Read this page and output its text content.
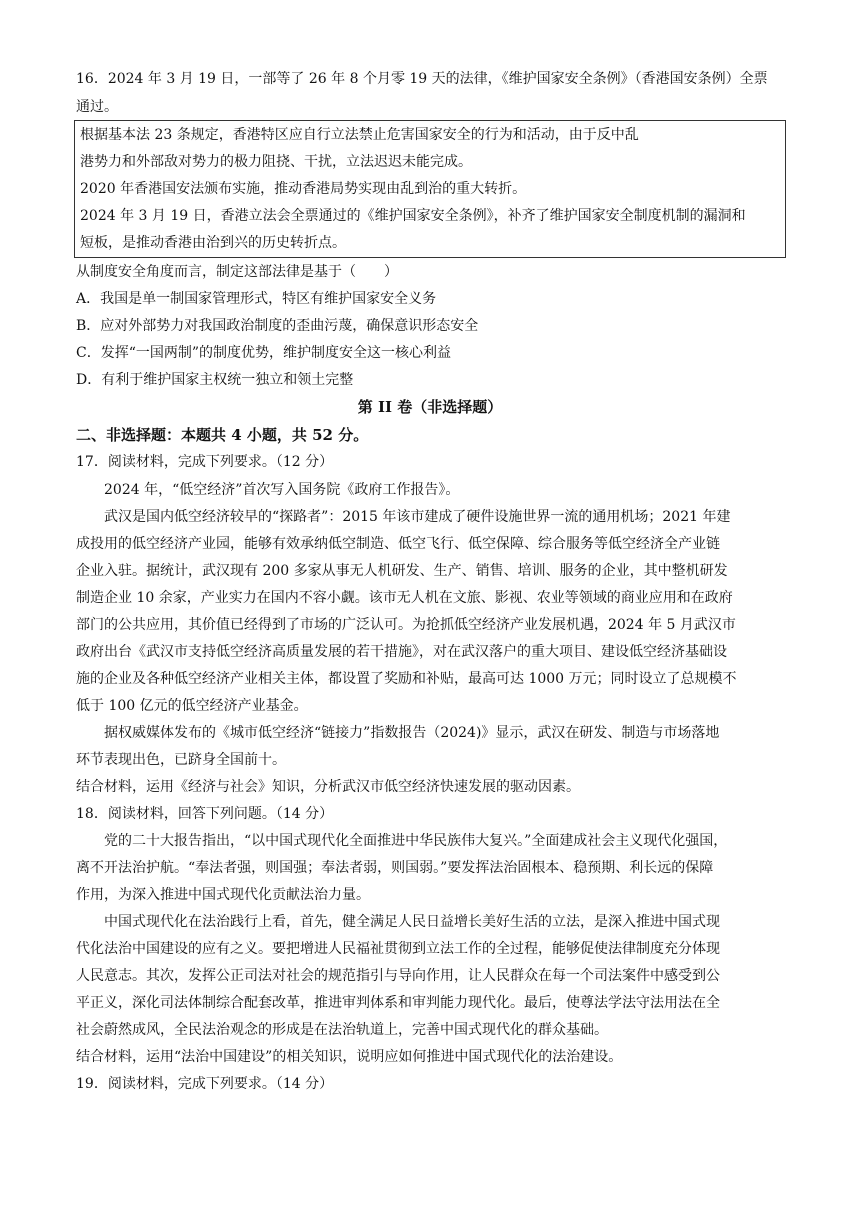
16．2024 年 3 月 19 日，一部等了 26 年 8 个月零 19 天的法律，《维护国家安全条例》（香港国安条例）全票
通过。
根据基本法 23 条规定，香港特区应自行立法禁止危害国家安全的行为和活动，由于反中乱
港势力和外部敌对势力的极力阻挠、干扰，立法迟迟未能完成。
2020 年香港国安法颁布实施，推动香港局势实现由乱到治的重大转折。
2024 年 3 月 19 日，香港立法会全票通过的《维护国家安全条例》，补齐了维护国家安全制度机制的漏洞和
短板，是推动香港由治到兴的历史转折点。
从制度安全角度而言，制定这部法律是基于（　　）
A．我国是单一制国家管理形式，特区有维护国家安全义务
B．应对外部势力对我国政治制度的歪曲污蔑，确保意识形态安全
C．发挥“一国两制”的制度优势，维护制度安全这一核心利益
D．有利于维护国家主权统一独立和领土完整
第 II 卷（非选择题）
二、非选择题：本题共 4 小题，共 52 分。
17．阅读材料，完成下列要求。（12 分）
2024 年，“低空经济”首次写入国务院《政府工作报告》。
武汉是国内低空经济较早的“探路者”：2015 年该市建成了硬件设施世界一流的通用机场；2021 年建
成投用的低空经济产业园，能够有效承纳低空制造、低空飞行、低空保障、综合服务等低空经济全产业链
企业入驻。据统计，武汉现有 200 多家从事无人机研发、生产、销售、培训、服务的企业，其中整机研发
制造企业 10 余家，产业实力在国内不容小觑。该市无人机在文旅、影视、农业等领域的商业应用和在政府
部门的公共应用，其价值已经得到了市场的广泛认可。为抢抓低空经济产业发展机遇，2024 年 5 月武汉市
政府出台《武汉市支持低空经济高质量发展的若干措施》，对在武汉落户的重大项目、建设低空经济基础设
施的企业及各种低空经济产业相关主体，都设置了奖励和补贴，最高可达 1000 万元；同时设立了总规模不
低于 100 亿元的低空经济产业基金。
据权威媒体发布的《城市低空经济“链接力”指数报告（2024)》显示，武汉在研发、制造与市场落地
环节表现出色，已跻身全国前十。
结合材料，运用《经济与社会》知识，分析武汉市低空经济快速发展的驱动因素。
18．阅读材料，回答下列问题。（14 分）
党的二十大报告指出，“以中国式现代化全面推进中华民族伟大复兴。”全面建成社会主义现代化强国，
离不开法治护航。“奉法者强，则国强；奉法者弱，则国弱。”要发挥法治固根本、稳预期、利长远的保障
作用，为深入推进中国式现代化贡献法治力量。
中国式现代化在法治践行上看，首先，健全满足人民日益增长美好生活的立法，是深入推进中国式现
代化法治中国建设的应有之义。要把增进人民福祉贯彻到立法工作的全过程，能够促使法律制度充分体现
人民意志。其次，发挥公正司法对社会的规范指引与导向作用，让人民群众在每一个司法案件中感受到公
平正义，深化司法体制综合配套改革，推进审判体系和审判能力现代化。最后，使尊法学法守法用法在全
社会蔚然成风，全民法治观念的形成是在法治轨道上，完善中国式现代化的群众基础。
结合材料，运用“法治中国建设”的相关知识，说明应如何推进中国式现代化的法治建设。
19．阅读材料，完成下列要求。（14 分）
